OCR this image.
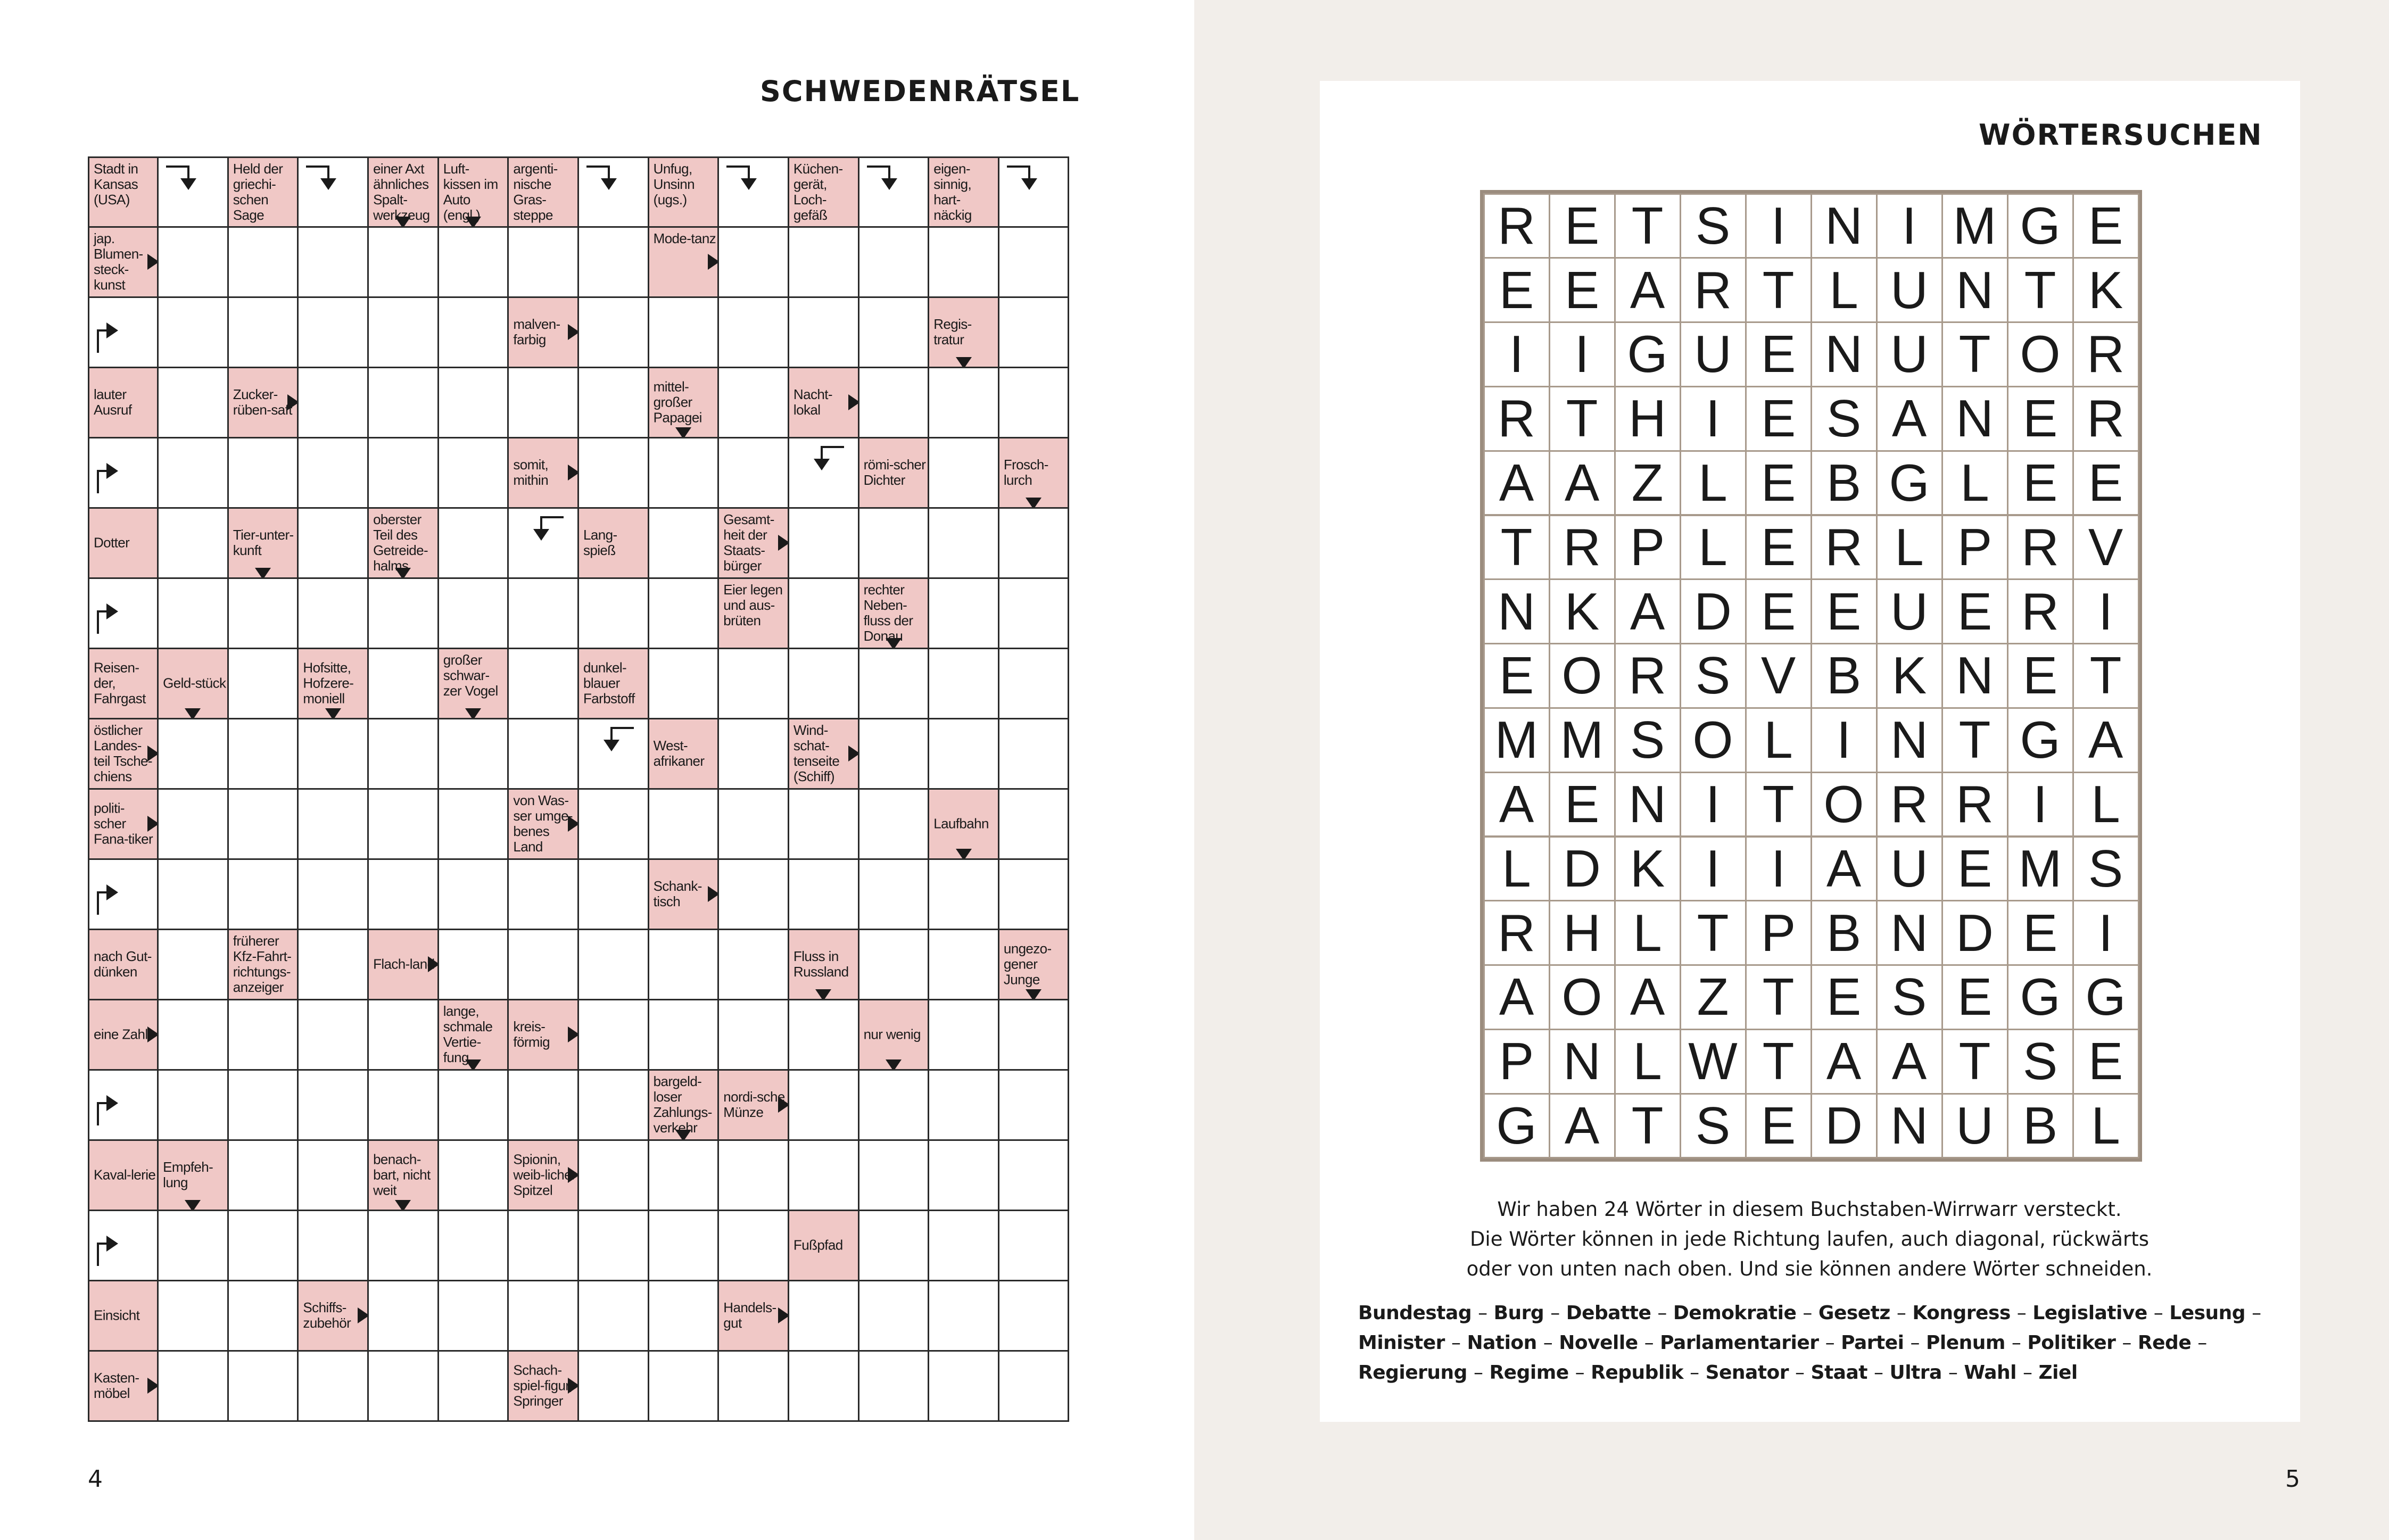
SCHWEDENRÄTSEL
Stadt in Kansas (USA)
Held der griechi-schen Sage
einer Axt ähnliches Spalt-werkzeug
Luft-kissen im Auto (engl.)
argenti-nische Gras-steppe
Unfug, Unsinn (ugs.)
Küchen-gerät, Loch-gefäß
eigen-sinnig, hart-näckig
jap. Blumen-steck-kunst
Mode-tanz
malven-farbig
Regis-tratur
lauter Ausruf
Zucker-rüben-saft
mittel-großer Papagei
Nacht-lokal
somit, mithin
römi-scher Dichter
Frosch-lurch
Dotter	Tier-unter-kunft
oberster Teil des Getreide-halms
Lang-spieß
Gesamt-heit der Staats-bürger
Eier legen und aus-brüten
rechter Neben-fluss der Donau
Reisen-der, Fahrgast
Geld-stück
Hofsitte, Hofzere-moniell
großer schwar-zer Vogel
dunkel-blauer Farbstoff
östlicher Landes-teil Tsche-chiens
West-afrikaner
Wind-schat-tenseite (Schiff)
politi-scher Fana-tiker
von Was-ser umge-benes Land
Laufbahn
Schank-tisch
nach Gut-dünken
früherer Kfz-Fahrt-richtungs-anzeiger
Flach-land	Fluss in Russland
ungezo-gener Junge
eine Zahl
lange, schmale Vertie-fung
kreis-förmig	nur wenig
bargeld-loser Zahlungs-verkehr
nordi-sche Münze
Kaval-lerie Empfeh-lung
benach-bart, nicht weit
Spionin, weib-licher Spitzel
Fußpfad
Einsicht	Schiffs-zubehör
Handels-gut
Kasten-möbel
Schach-spiel-figur, Springer
4
WÖRTERSUCHEN
R E T S I N I M G E
E E A R T L U N T K
I I G U E N U T O R
R T H I E S A N E R
A A Z L E B G L E E
T R P L E R L P R V
N K A D E E U E R I
E O R S V B K N E T
M M S O L I N T G A
A E N I T O R R I L
L D K I I A U E M S
R H L T P B N D E I
A O A Z T E S E G G
P N L W T A A T S E
G A T S E D N U B L
Wir haben 24 Wörter in diesem Buchstaben-Wirrwarr versteckt.
Die Wörter können in jede Richtung laufen, auch diagonal, rückwärts
oder von unten nach oben. Und sie können andere Wörter schneiden.
Bundestag – Burg – Debatte – Demokratie – Gesetz – Kongress – Legislative – Lesung –
Minister – Nation – Novelle – Parlamentarier – Partei – Plenum – Politiker – Rede –
Regierung – Regime – Republik – Senator – Staat – Ultra – Wahl – Ziel
5
